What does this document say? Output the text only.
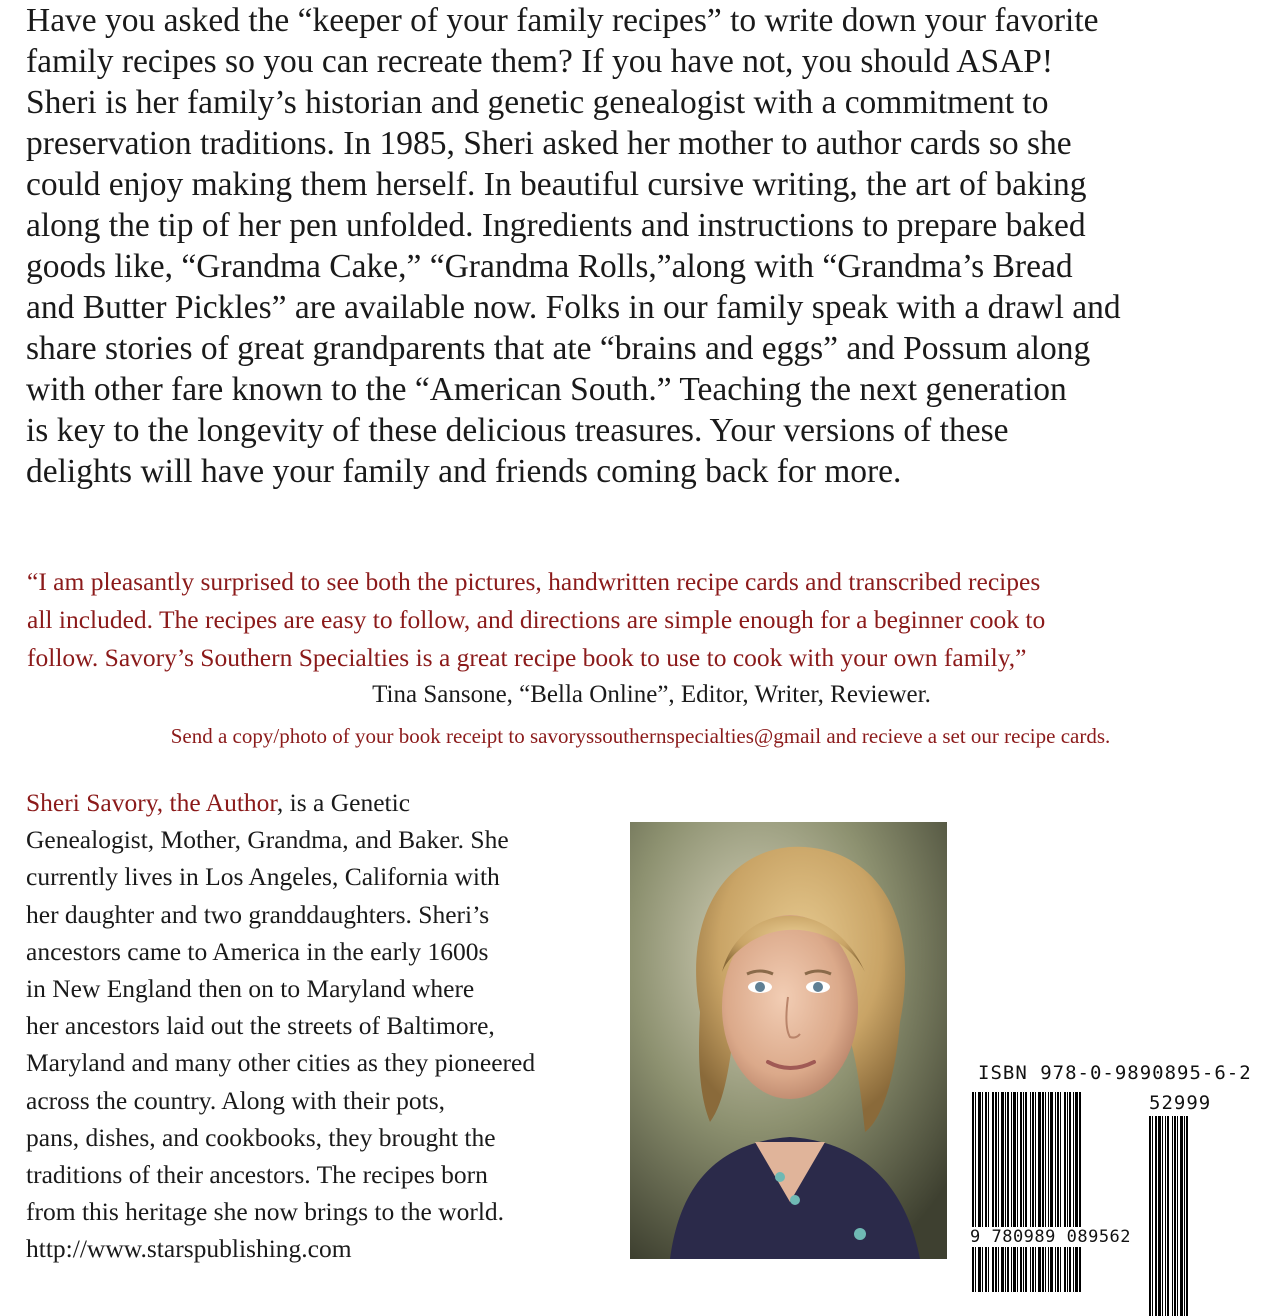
Have you asked the “keeper of your family recipes” to write down your favorite
family recipes so you can recreate them? If you have not, you should ASAP!
Sheri is her family’s historian and genetic genealogist with a commitment to
preservation traditions. In 1985, Sheri asked her mother to author cards so she
could enjoy making them herself. In beautiful cursive writing, the art of baking
along the tip of her pen unfolded. Ingredients and instructions to prepare baked
goods like, “Grandma Cake,” “Grandma Rolls,”along with “Grandma’s Bread
and Butter Pickles” are available now. Folks in our family speak with a drawl and
share stories of great grandparents that ate “brains and eggs” and Possum along
with other fare known to the “American South.” Teaching the next generation
is key to the longevity of these delicious treasures. Your versions of these
delights will have your family and friends coming back for more.
“I am pleasantly surprised to see both the pictures, handwritten recipe cards and transcribed recipes
all included. The recipes are easy to follow, and directions are simple enough for a beginner cook to
follow. Savory’s Southern Specialties is a great recipe book to use to cook with your own family,”
Tina Sansone, “Bella Online”, Editor, Writer, Reviewer.
Send a copy/photo of your book receipt to savoryssouthernspecialties@gmail and recieve a set our recipe cards.
Sheri Savory, the Author, is a Genetic
Genealogist, Mother, Grandma, and Baker. She
currently lives in Los Angeles, California with
her daughter and two granddaughters. Sheri’s
ancestors came to America in the early 1600s
in New England then on to Maryland where
her ancestors laid out the streets of Baltimore,
Maryland and many other cities as they pioneered
across the country. Along with their pots,
pans, dishes, and cookbooks, they brought the
traditions of their ancestors. The recipes born
from this heritage she now brings to the world.
http://www.starspublishing.com
ISBN 978-0-9890895-6-2
52999
9 780989 089562
